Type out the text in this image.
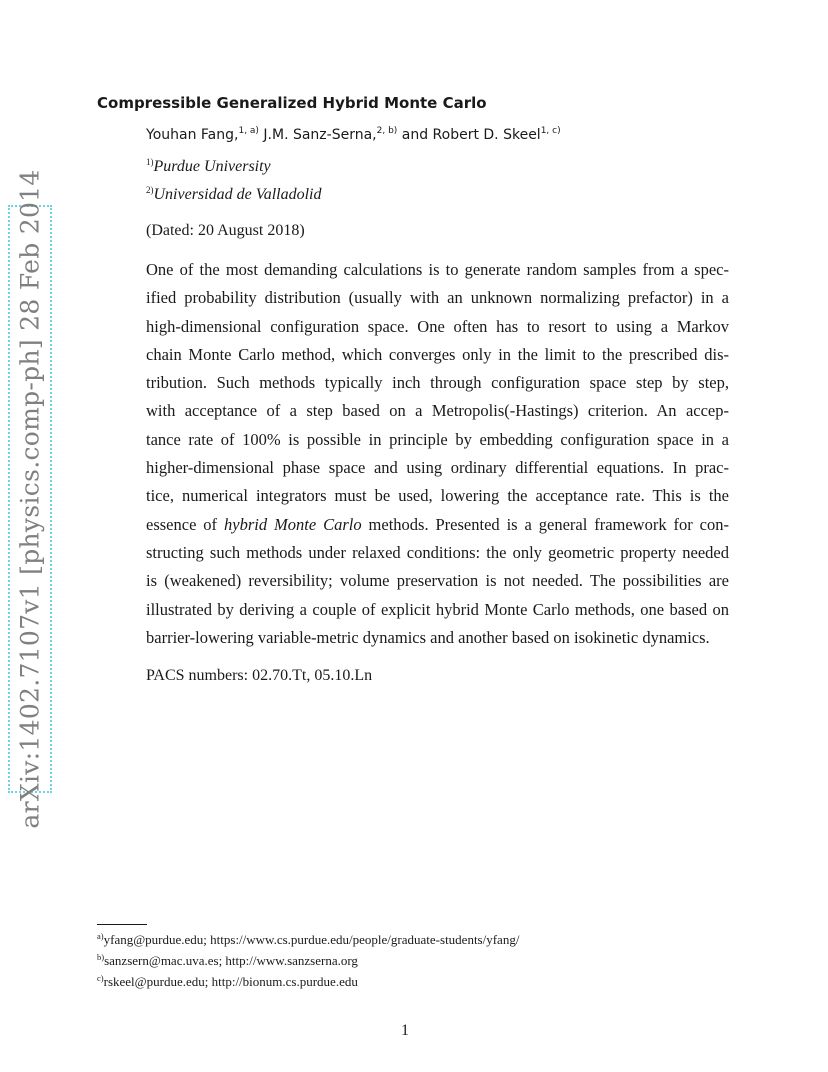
arXiv:1402.7107v1 [physics.comp-ph] 28 Feb 2014
Compressible Generalized Hybrid Monte Carlo
Youhan Fang,$^{1, a)}$ J.M. Sanz-Serna,$^{2, b)}$ and Robert D. Skeel$^{1, c)}$
$^{1)}$Purdue University
$^{2)}$Universidad de Valladolid
(Dated: 20 August 2018)
One of the most demanding calculations is to generate random samples from a spec-
ified probability distribution (usually with an unknown normalizing prefactor) in a
high-dimensional configuration space. One often has to resort to using a Markov
chain Monte Carlo method, which converges only in the limit to the prescribed dis-
tribution. Such methods typically inch through configuration space step by step,
with acceptance of a step based on a Metropolis(-Hastings) criterion. An accep-
tance rate of 100% is possible in principle by embedding configuration space in a
higher-dimensional phase space and using ordinary differential equations. In prac-
tice, numerical integrators must be used, lowering the acceptance rate. This is the
essence of hybrid Monte Carlo methods. Presented is a general framework for con-
structing such methods under relaxed conditions: the only geometric property needed
is (weakened) reversibility; volume preservation is not needed. The possibilities are
illustrated by deriving a couple of explicit hybrid Monte Carlo methods, one based on
barrier-lowering variable-metric dynamics and another based on isokinetic dynamics.
PACS numbers: 02.70.Tt, 05.10.Ln
$^{a)}$yfang@purdue.edu; https://www.cs.purdue.edu/people/graduate-students/yfang/
$^{b)}$sanzsern@mac.uva.es; http://www.sanzserna.org
$^{c)}$rskeel@purdue.edu; http://bionum.cs.purdue.edu
1
